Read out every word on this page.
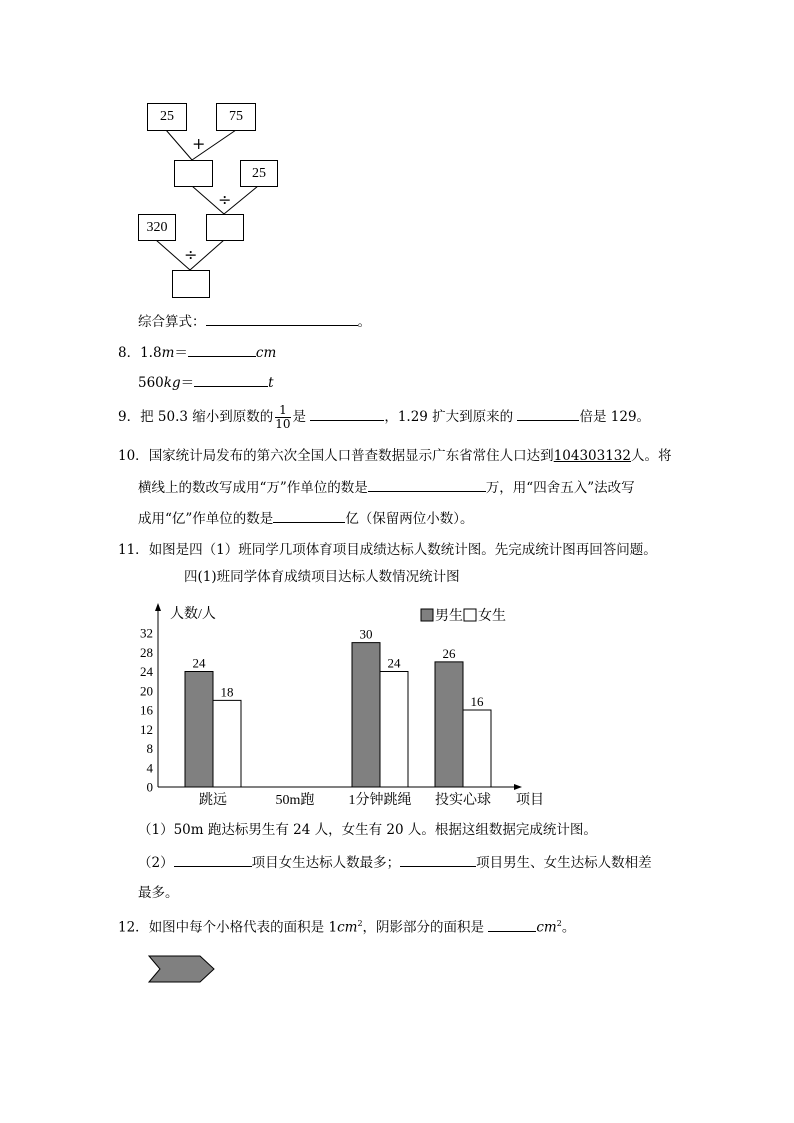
25	75
+
25
÷
320
÷
综合算式：	。
8．1.8m＝	cm
560kg＝	t
9．把 50.3 缩小到原数的 $\frac{1}{10}$ 是	，1.29 扩大到原来的	倍是 129。
10．国家统计局发布的第六次全国人口普查数据显示广东省常住人口达到104303132人。将
横线上的数改写成用“万”作单位的数是	万，用“四舍五入”法改写
成用“亿”作单位的数是	亿（保留两位小数）。
11．如图是四（1）班同学几项体育项目成绩达标人数统计图。先完成统计图再回答问题。
四(1)班同学体育成绩项目达标人数情况统计图
0
4
8
12
16
20
24
28
32
人数/人
项目
男生 女生
跳远
24
18
50m跑 1分钟跳绳
30
24
投实心球
26
16
（1）50m 跑达标男生有 24 人，女生有 20 人。根据这组数据完成统计图。
（2）	项目女生达标人数最多；	项目男生、女生达标人数相差
最多。
12．如图中每个小格代表的面积是 $1cm^2$，阴影部分的面积是	$cm^2$。
